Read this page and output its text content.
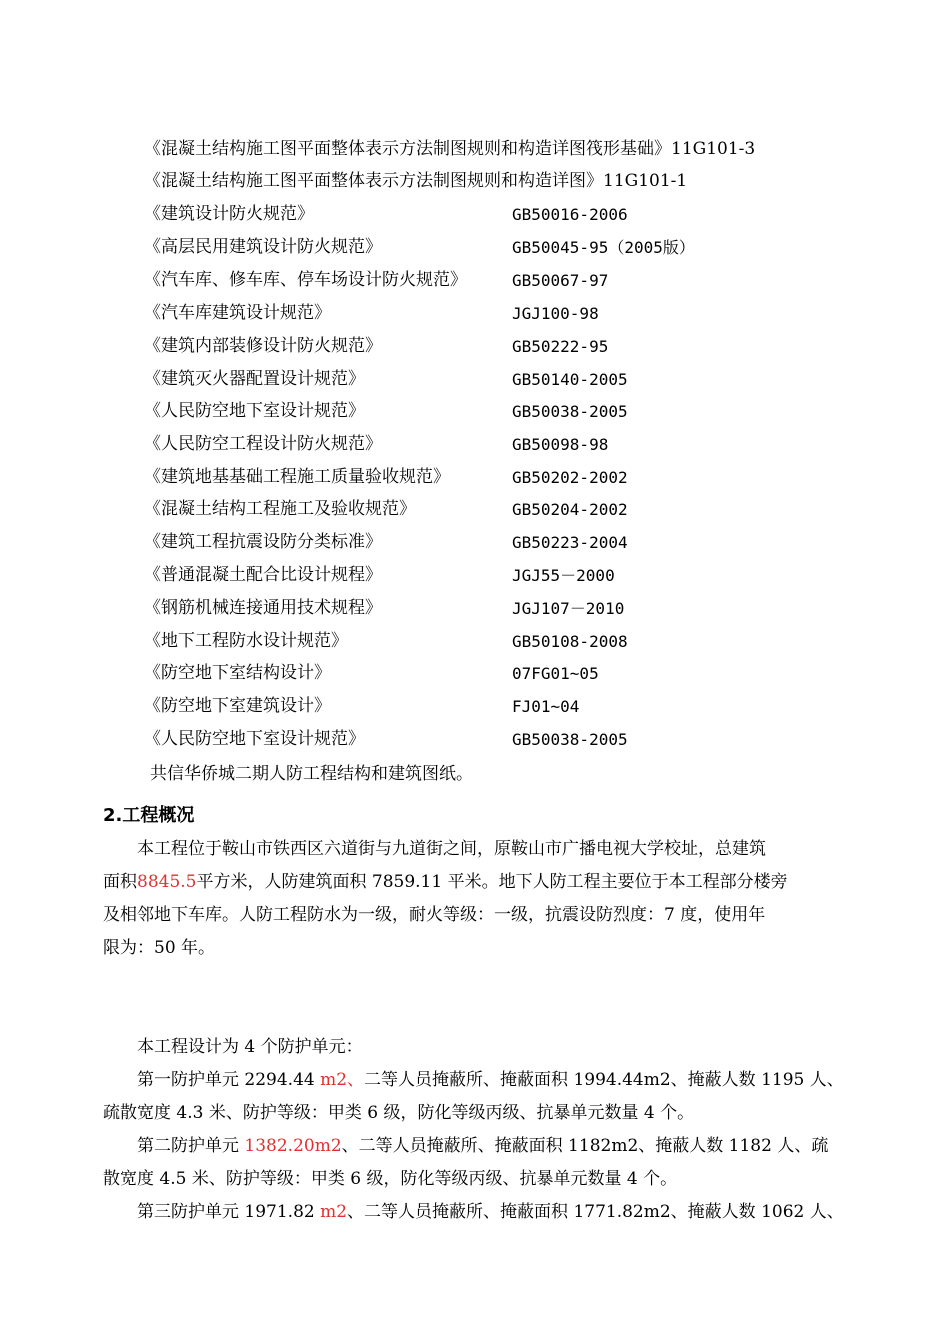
《混凝土结构施工图平面整体表示方法制图规则和构造详图筏形基础》11G101-3
《混凝土结构施工图平面整体表示方法制图规则和构造详图》11G101-1
《建筑设计防火规范》	GB50016-2006
《高层民用建筑设计防火规范》	GB50045-95（2005版）
《汽车库、修车库、停车场设计防火规范》	GB50067-97
《汽车库建筑设计规范》	JGJ100-98
《建筑内部装修设计防火规范》	GB50222-95
《建筑灭火器配置设计规范》	GB50140-2005
《人民防空地下室设计规范》	GB50038-2005
《人民防空工程设计防火规范》	GB50098-98
《建筑地基基础工程施工质量验收规范》	GB50202-2002
《混凝土结构工程施工及验收规范》	GB50204-2002
《建筑工程抗震设防分类标准》	GB50223-2004
《普通混凝土配合比设计规程》	JGJ55－2000
《钢筋机械连接通用技术规程》	JGJ107－2010
《地下工程防水设计规范》	GB50108-2008
《防空地下室结构设计》	07FG01~05
《防空地下室建筑设计》	FJ01~04
《人民防空地下室设计规范》	GB50038-2005
共信华侨城二期人防工程结构和建筑图纸。
2.工程概况
本工程位于鞍山市铁西区六道街与九道街之间，原鞍山市广播电视大学校址，总建筑
面积8845.5平方米，人防建筑面积 7859.11 平米。地下人防工程主要位于本工程部分楼旁
及相邻地下车库。人防工程防水为一级，耐火等级：一级，抗震设防烈度：7 度，使用年
限为：50 年。
本工程设计为 4 个防护单元：
第一防护单元 2294.44 m2、二等人员掩蔽所、掩蔽面积 1994.44m2、掩蔽人数 1195 人、
疏散宽度 4.3 米、防护等级：甲类 6 级，防化等级丙级、抗暴单元数量 4 个。
第二防护单元 1382.20m2、二等人员掩蔽所、掩蔽面积 1182m2、掩蔽人数 1182 人、疏
散宽度 4.5 米、防护等级：甲类 6 级，防化等级丙级、抗暴单元数量 4 个。
第三防护单元 1971.82 m2、二等人员掩蔽所、掩蔽面积 1771.82m2、掩蔽人数 1062 人、
